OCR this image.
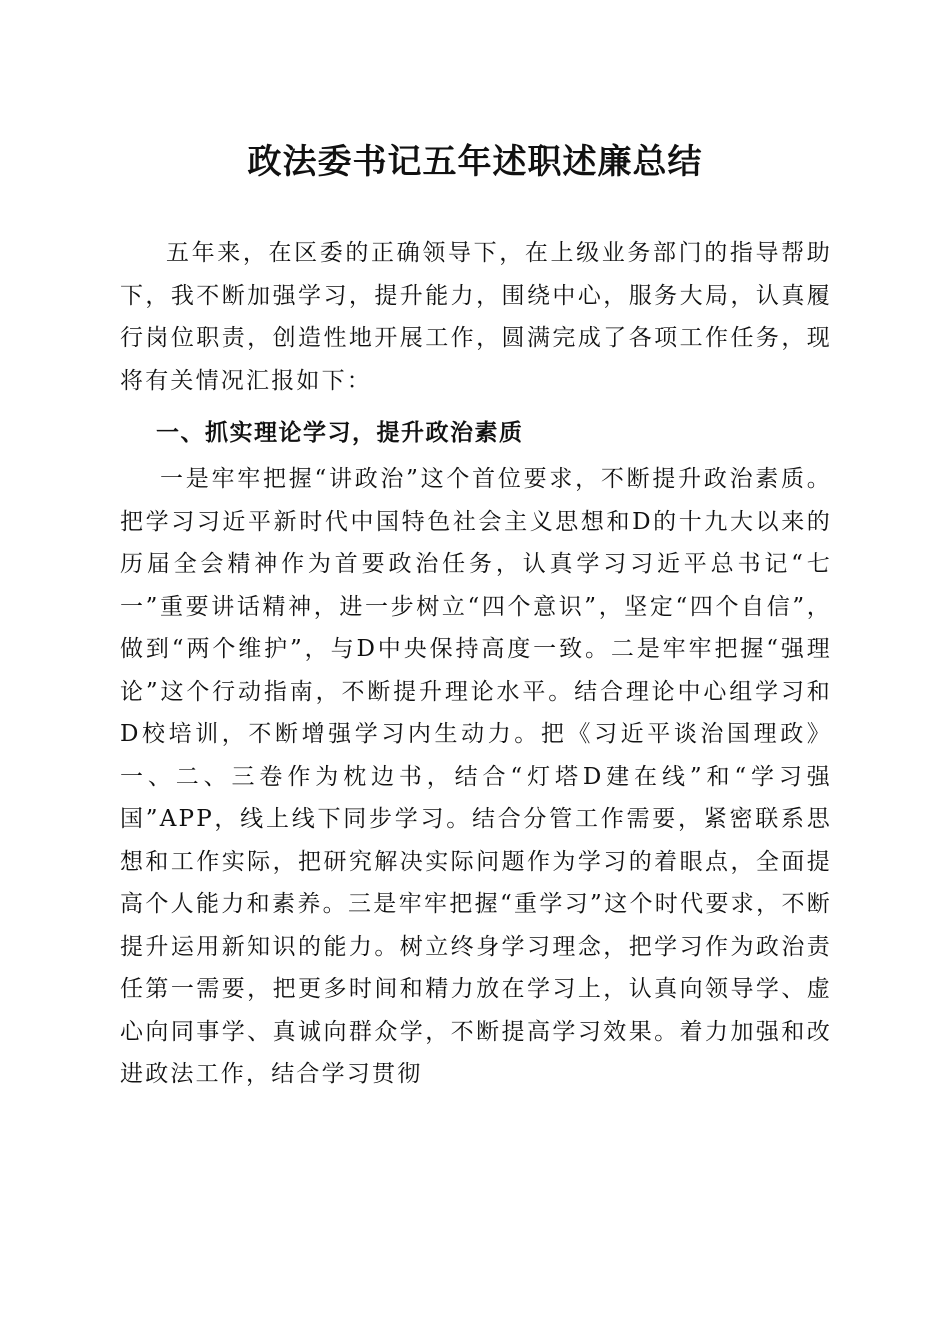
政法委书记五年述职述廉总结

五年来，在区委的正确领导下，在上级业务部门的指导帮助下，我不断加强学习，提升能力，围绕中心，服务大局，认真履行岗位职责，创造性地开展工作，圆满完成了各项工作任务，现将有关情况汇报如下：

一、抓实理论学习，提升政治素质

一是牢牢把握“讲政治”这个首位要求，不断提升政治素质。把学习习近平新时代中国特色社会主义思想和D的十九大以来的历届全会精神作为首要政治任务，认真学习习近平总书记“七一”重要讲话精神，进一步树立“四个意识”，坚定“四个自信”，做到“两个维护”，与D中央保持高度一致。二是牢牢把握“强理论”这个行动指南，不断提升理论水平。结合理论中心组学习和D校培训，不断增强学习内生动力。把《习近平谈治国理政》一、二、三卷作为枕边书，结合“灯塔D建在线”和“学习强国”APP，线上线下同步学习。结合分管工作需要，紧密联系思想和工作实际，把研究解决实际问题作为学习的着眼点，全面提高个人能力和素养。三是牢牢把握“重学习”这个时代要求，不断提升运用新知识的能力。树立终身学习理念，把学习作为政治责任第一需要，把更多时间和精力放在学习上，认真向领导学、虚心向同事学、真诚向群众学，不断提高学习效果。着力加强和改进政法工作，结合学习贯彻
